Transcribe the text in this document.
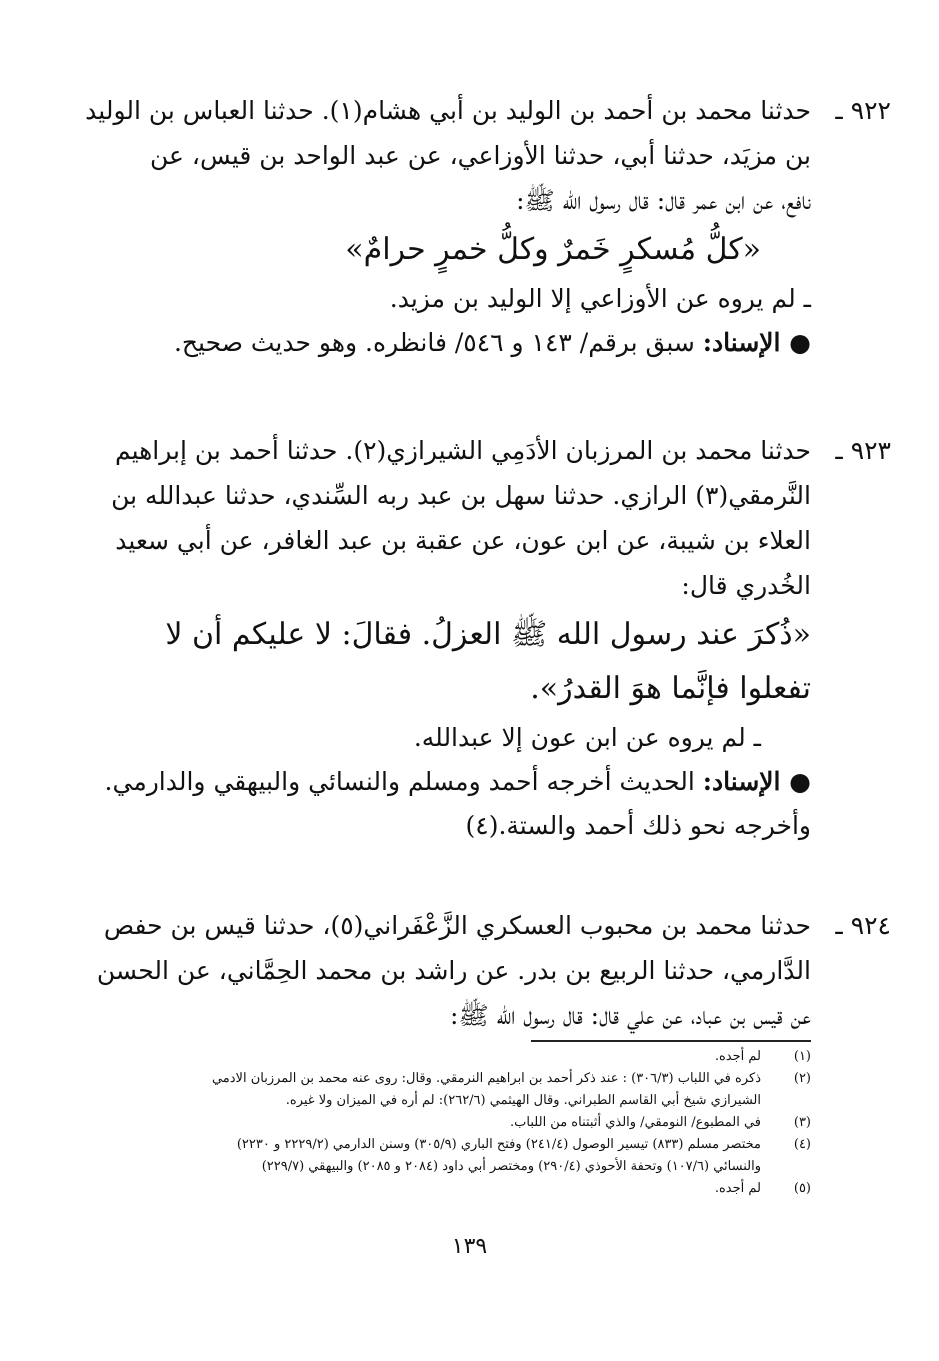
٩٢٢ ـ
حدثنا محمد بن أحمد بن الوليد بن أبي هشام(١). حدثنا العباس بن الوليد
بن مزيَد، حدثنا أبي، حدثنا الأوزاعي، عن عبد الواحد بن قيس، عن
نافع، عن ابن عمر قال: قال رسول الله ﷺ:
«كلُّ مُسكرٍ خَمرٌ وكلُّ خمرٍ حرامٌ»
ـ لم يروه عن الأوزاعي إلا الوليد بن مزيد.
● الإسناد: سبق برقم/ ١٤٣ و ٥٤٦/ فانظره. وهو حديث صحيح.
٩٢٣ ـ
حدثنا محمد بن المرزبان الأدَمِي الشيرازي(٢). حدثنا أحمد بن إبراهيم
النَّرمقي(٣) الرازي. حدثنا سهل بن عبد ربه السِّندي، حدثنا عبدالله بن
العلاء بن شيبة، عن ابن عون، عن عقبة بن عبد الغافر، عن أبي سعيد
الخُدري قال:
«ذُكرَ عند رسول الله ﷺ العزلُ. فقالَ: لا عليكم أن لا
تفعلوا فإنَّما هوَ القدرُ».
ـ لم يروه عن ابن عون إلا عبدالله.
● الإسناد: الحديث أخرجه أحمد ومسلم والنسائي والبيهقي والدارمي.
وأخرجه نحو ذلك أحمد والستة.(٤)
٩٢٤ ـ
حدثنا محمد بن محبوب العسكري الزَّعْفَراني(٥)، حدثنا قيس بن حفص
الدَّارمي، حدثنا الربيع بن بدر. عن راشد بن محمد الحِمَّاني، عن الحسن
عن قيس بن عباد، عن علي قال: قال رسول الله ﷺ:
(١)
لم أجده.
(٢)
ذكره في اللباب (٣٠٦/٣) : عند ذكر أحمد بن ابراهيم النرمقي. وقال: روى عنه محمد بن المرزبان الادمي
الشيرازي شيخ أبي القاسم الطبراني. وقال الهيثمي (٢٦٢/٦): لم أره في الميزان ولا غيره.
(٣)
في المطبوع/ النومقي/ والذي أثبتناه من اللباب.
(٤)
مختصر مسلم (٨٣٣) تيسير الوصول (٢٤١/٤) وفتح الباري (٣٠٥/٩) وسنن الدارمي (٢٢٢٩/٢ و ٢٢٣٠)
والنسائي (١٠٧/٦) وتحفة الأحوذي (٢٩٠/٤) ومختصر أبي داود (٢٠٨٤ و ٢٠٨٥) والبيهقي (٢٢٩/٧)
(٥)
لم أجده.
١٣٩
